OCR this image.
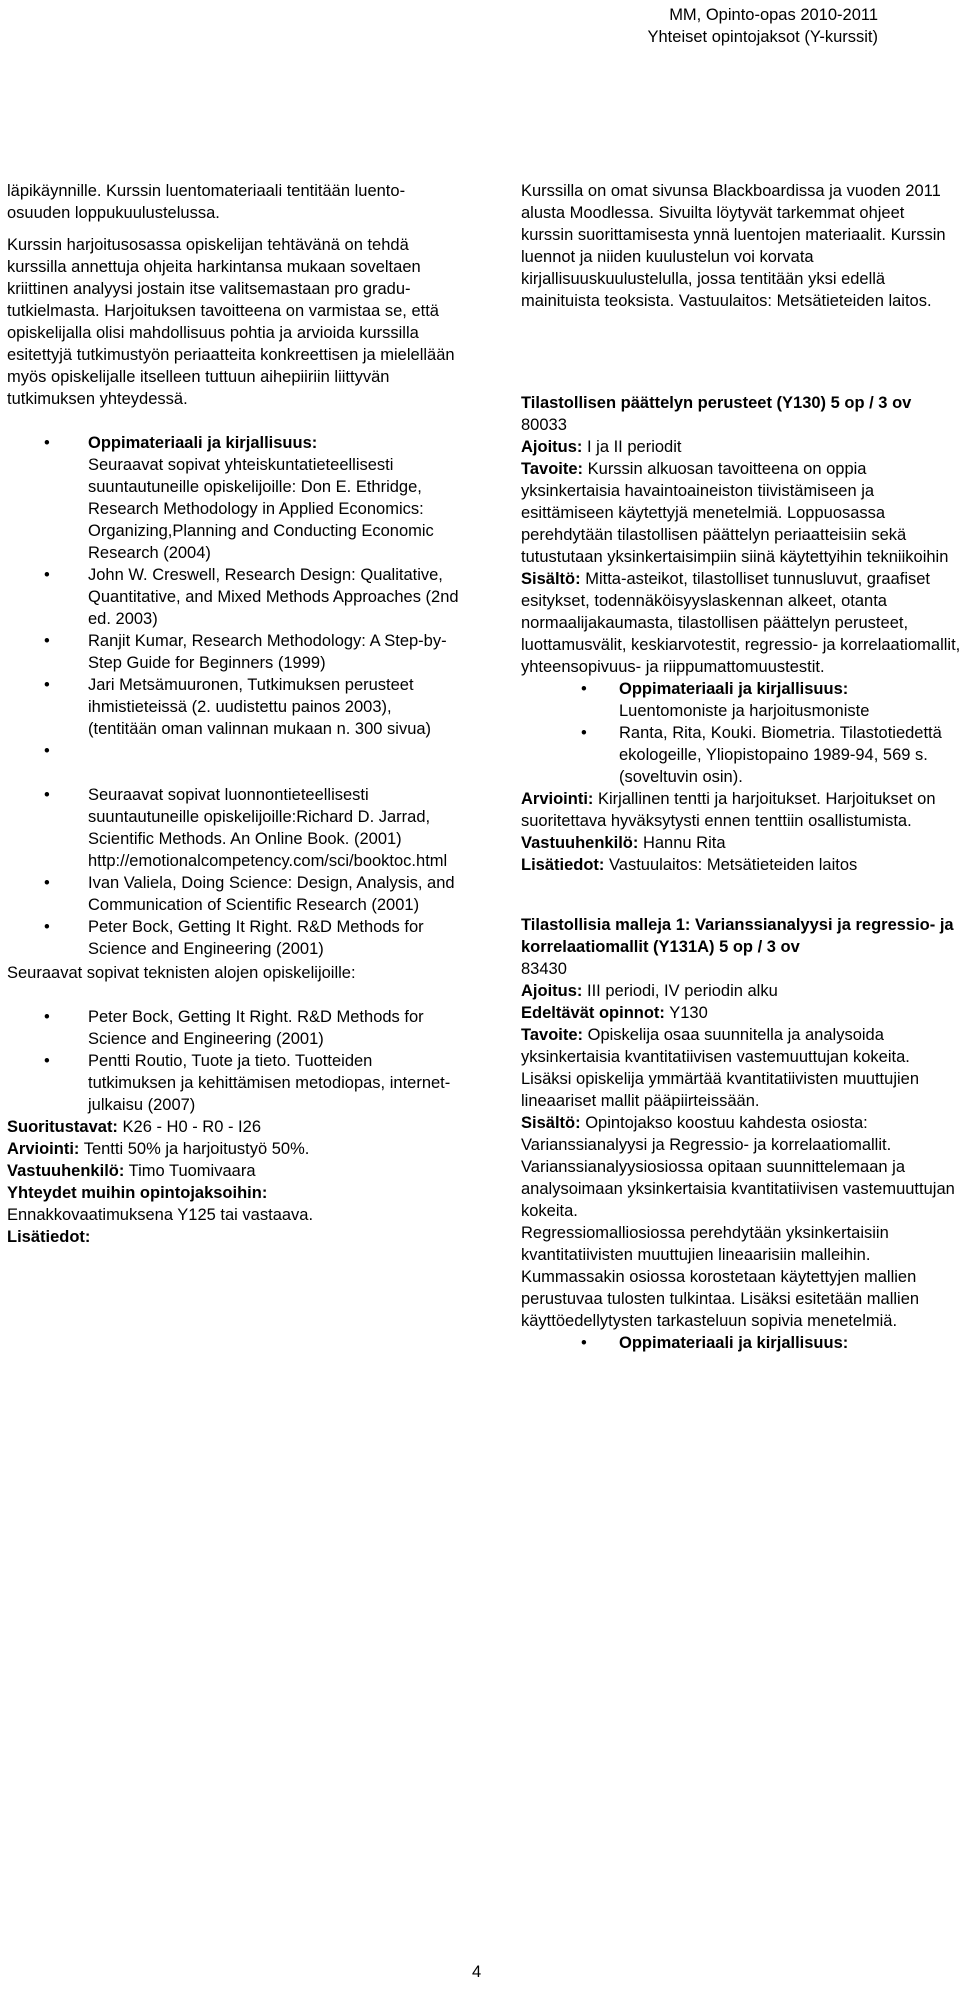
MM, Opinto-opas 2010-2011
Yhteiset opintojaksot (Y-kurssit)

läpikäynnille. Kurssin luentomateriaali tentitään luento-osuuden loppukuulustelussa.

Kurssin harjoitusosassa opiskelijan tehtävänä on tehdä kurssilla annettuja ohjeita harkintansa mukaan soveltaen kriittinen analyysi jostain itse valitsemastaan pro gradu-tutkielmasta. Harjoituksen tavoitteena on varmistaa se, että opiskelijalla olisi mahdollisuus pohtia ja arvioida kurssilla esitettyjä tutkimustyön periaatteita konkreettisen ja mielellään myös opiskelijalle itselleen tuttuun aihepiiriin liittyvän tutkimuksen yhteydessä.

• Oppimateriaali ja kirjallisuus:
Seuraavat sopivat yhteiskuntatieteellisesti suuntautuneille opiskelijoille: Don E. Ethridge, Research Methodology in Applied Economics: Organizing,Planning and Conducting Economic Research (2004)
• John W. Creswell, Research Design: Qualitative, Quantitative, and Mixed Methods Approaches (2nd ed. 2003)
• Ranjit Kumar, Research Methodology: A Step-by-Step Guide for Beginners (1999)
• Jari Metsämuuronen, Tutkimuksen perusteet ihmistieteissä (2. uudistettu painos 2003), (tentitään oman valinnan mukaan n. 300 sivua)
•
• Seuraavat sopivat luonnontieteellisesti suuntautuneille opiskelijoille:Richard D. Jarrad, Scientific Methods. An Online Book. (2001) http://emotionalcompetency.com/sci/booktoc.html
• Ivan Valiela, Doing Science: Design, Analysis, and Communication of Scientific Research (2001)
• Peter Bock, Getting It Right. R&D Methods for Science and Engineering (2001)

Seuraavat sopivat teknisten alojen opiskelijoille:

• Peter Bock, Getting It Right. R&D Methods for Science and Engineering (2001)
• Pentti Routio, Tuote ja tieto. Tuotteiden tutkimuksen ja kehittämisen metodiopas, internet-julkaisu (2007)

Suoritustavat: K26 - H0 - R0 - I26

Arviointi: Tentti 50% ja harjoitustyö 50%.

Vastuuhenkilö: Timo Tuomivaara

Yhteydet muihin opintojaksoihin:

Ennakkovaatimuksena Y125 tai vastaava.

Lisätiedot:

Kurssilla on omat sivunsa Blackboardissa ja vuoden 2011 alusta Moodlessa. Sivuilta löytyvät tarkemmat ohjeet kurssin suorittamisesta ynnä luentojen materiaalit. Kurssin luennot ja niiden kuulustelun voi korvata kirjallisuuskuulustelulla, jossa tentitään yksi edellä mainituista teoksista. Vastuulaitos: Metsätieteiden laitos.

Tilastollisen päättelyn perusteet (Y130) 5 op / 3 ov

80033

Ajoitus: I ja II periodit

Tavoite: Kurssin alkuosan tavoitteena on oppia yksinkertaisia havaintoaineiston tiivistämiseen ja esittämiseen käytettyjä menetelmiä. Loppuosassa perehdytään tilastollisen päättelyn periaatteisiin sekä tutustutaan yksinkertaisimpiin siinä käytettyihin tekniikoihin

Sisältö: Mitta-asteikot, tilastolliset tunnusluvut, graafiset esitykset, todennäköisyyslaskennan alkeet, otanta normaalijakaumasta, tilastollisen päättelyn perusteet, luottamusvälit, keskiarvotestit, regressio- ja korrelaatiomallit, yhteensopivuus- ja riippumattomuustestit.

• Oppimateriaali ja kirjallisuus:

Luentomoniste ja harjoitusmoniste

• Ranta, Rita, Kouki. Biometria. Tilastotiedettä ekologeille, Yliopistopaino 1989-94, 569 s. (soveltuvin osin).

Arviointi: Kirjallinen tentti ja harjoitukset. Harjoitukset on suoritettava hyväksytysti ennen tenttiin osallistumista.

Vastuuhenkilö: Hannu Rita

Lisätiedot: Vastuulaitos: Metsätieteiden laitos

Tilastollisia malleja 1: Varianssianalyysi ja regressio- ja korrelaatiomallit (Y131A) 5 op / 3 ov

83430

Ajoitus: III periodi, IV periodin alku

Edeltävät opinnot: Y130

Tavoite: Opiskelija osaa suunnitella ja analysoida yksinkertaisia kvantitatiivisen vastemuuttujan kokeita. Lisäksi opiskelija ymmärtää kvantitatiivisten muuttujien lineaariset mallit pääpiirteissään.

Sisältö: Opintojakso koostuu kahdesta osiosta: Varianssianalyysi ja Regressio- ja korrelaatiomallit.

Varianssianalyysiosiossa opitaan suunnittelemaan ja analysoimaan yksinkertaisia kvantitatiivisen vastemuuttujan kokeita.

Regressiomalliosiossa perehdytään yksinkertaisiin kvantitatiivisten muuttujien lineaarisiin malleihin. Kummassakin osiossa korostetaan käytettyjen mallien perustuvaa tulosten tulkintaa. Lisäksi esitetään mallien käyttöedellytysten tarkasteluun sopivia menetelmiä.

• Oppimateriaali ja kirjallisuus:
4
